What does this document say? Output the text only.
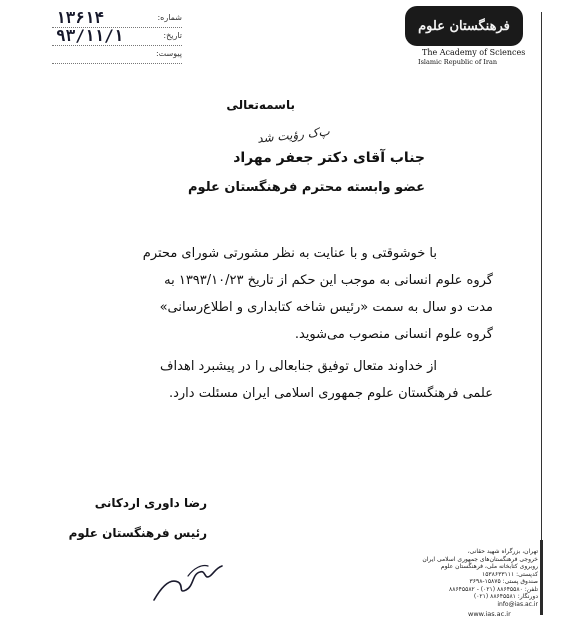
۱۳۶۱۴	شماره:
۹۳/۱۱/۱	تاریخ:
پیوست:
فرهنگستان علوم
The Academy of Sciences
Islamic Republic of Iran
باسمه‌تعالی
پ‌ک رؤیت شد
جناب آقای دکتر جعفر مهراد
عضو وابسته محترم فرهنگستان علوم

با خوشوقتی و با عنایت به نظر مشورتی شورای محترم

گروه علوم انسانی به موجب این حکم از تاریخ ۱۳۹۳/۱۰/۲۳ به

مدت دو سال به سمت «رئیس شاخه کتابداری و اطلاع‌رسانی»

گروه علوم انسانی منصوب می‌شوید.

از خداوند متعال توفیق جنابعالی را در پیشبرد اهداف

علمی فرهنگستان علوم جمهوری اسلامی ایران مسئلت دارد.

رضا داوری اردکانی
رئیس فرهنگستان علوم
تهران، بزرگراه شهید حقانی،
خروجی فرهنگستان‌های جمهوری اسلامی ایران
روبروی کتابخانه ملی، فرهنگستان علوم
کدپستی: ۱۵۳۸۶۳۳۱۱۱
صندوق پستی: ۱۵۸۷۵-۳۶۹۸
تلفن: ۸۸۶۴۵۵۸۰ (۰۲۱) - ۸۸۶۴۵۵۸۲
دورنگار: ۸۸۶۴۵۵۸۱ (۰۲۱)
info@ias.ac.ir
www.ias.ac.ir
